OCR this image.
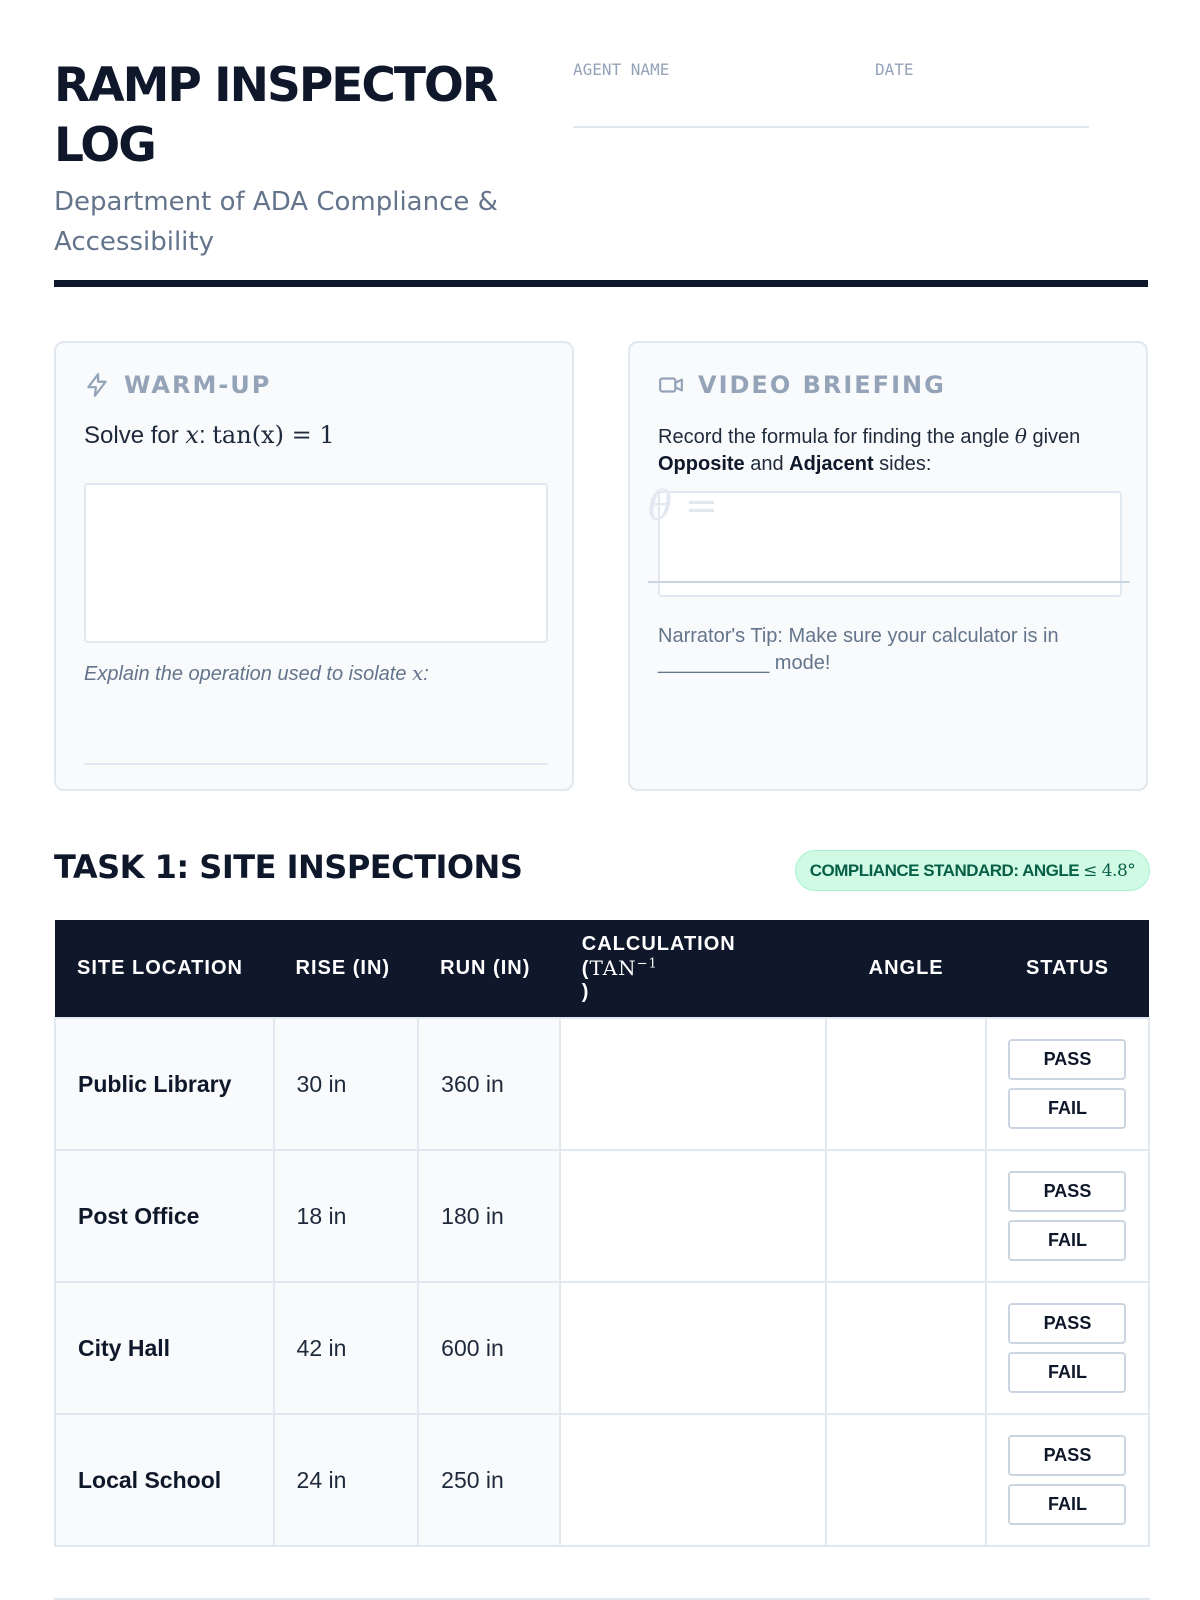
RAMP INSPECTOR LOG
Department of ADA Compliance & Accessibility
AGENT NAME	DATE
WARM-UP
Solve for x: tan(x) = 1
Explain the operation used to isolate x:
VIDEO BRIEFING
Record the formula for finding the angle θ given Opposite and Adjacent sides:
θ =
Narrator's Tip: Make sure your calculator is in
__________ mode!
TASK 1: SITE INSPECTIONS	COMPLIANCE STANDARD: ANGLE ≤ 4.8°
SITE LOCATION	RISE (IN)	RUN (IN)	CALCULATION ($TAN^{-1}$
)	ANGLE	STATUS
Public Library	30 in	360 in			PASS
FAIL

Post Office	18 in	180 in			PASS
FAIL

City Hall	42 in	600 in			PASS
FAIL

Local School	24 in	250 in			PASS
FAIL
